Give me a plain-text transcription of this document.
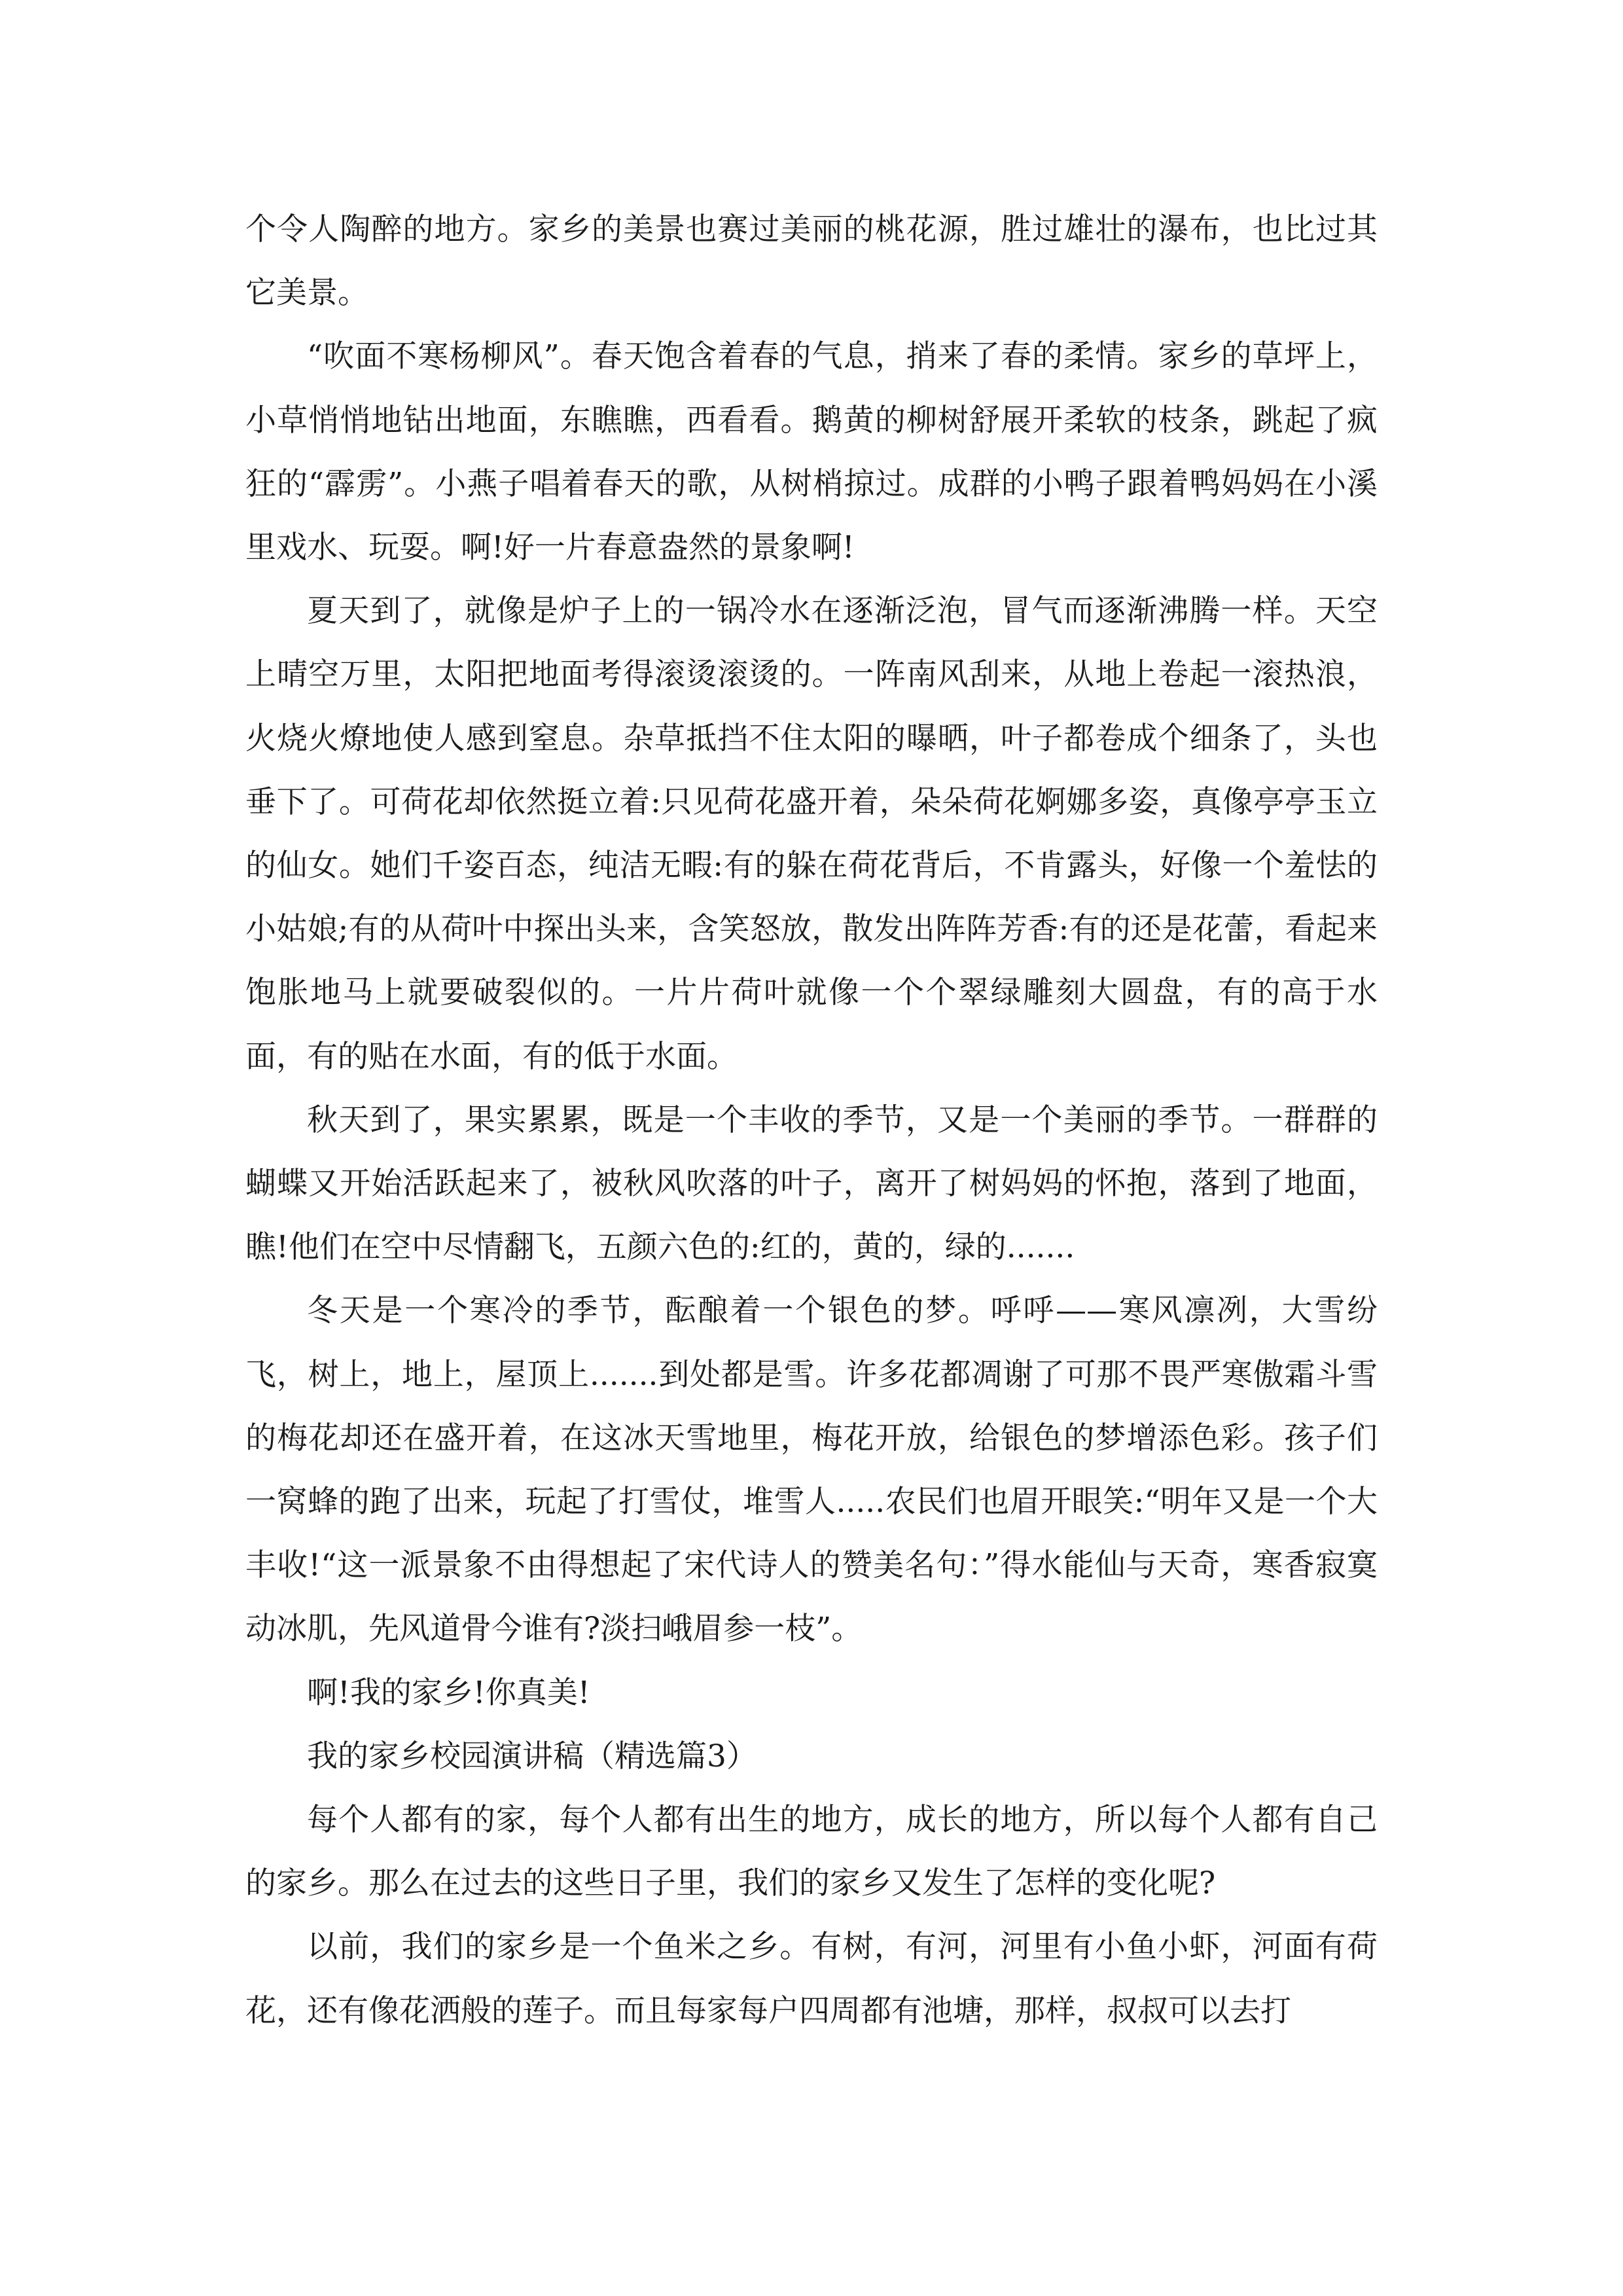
个令人陶醉的地方。家乡的美景也赛过美丽的桃花源，胜过雄壮的瀑布，也比过其它美景。

“吹面不寒杨柳风”。春天饱含着春的气息，捎来了春的柔情。家乡的草坪上，小草悄悄地钻出地面，东瞧瞧，西看看。鹅黄的柳树舒展开柔软的枝条，跳起了疯狂的“霹雳”。小燕子唱着春天的歌，从树梢掠过。成群的小鸭子跟着鸭妈妈在小溪里戏水、玩耍。啊!好一片春意盎然的景象啊!

夏天到了，就像是炉子上的一锅冷水在逐渐泛泡，冒气而逐渐沸腾一样。天空上晴空万里，太阳把地面考得滚烫滚烫的。一阵南风刮来，从地上卷起一滚热浪，火烧火燎地使人感到窒息。杂草抵挡不住太阳的曝晒，叶子都卷成个细条了，头也垂下了。可荷花却依然挺立着:只见荷花盛开着，朵朵荷花婀娜多姿，真像亭亭玉立的仙女。她们千姿百态，纯洁无暇:有的躲在荷花背后，不肯露头，好像一个羞怯的小姑娘;有的从荷叶中探出头来，含笑怒放，散发出阵阵芳香:有的还是花蕾，看起来饱胀地马上就要破裂似的。一片片荷叶就像一个个翠绿雕刻大圆盘，有的高于水面，有的贴在水面，有的低于水面。

秋天到了，果实累累，既是一个丰收的季节，又是一个美丽的季节。一群群的蝴蝶又开始活跃起来了，被秋风吹落的叶子，离开了树妈妈的怀抱，落到了地面，瞧!他们在空中尽情翻飞，五颜六色的:红的，黄的，绿的.......

冬天是一个寒冷的季节，酝酿着一个银色的梦。呼呼——寒风凛冽，大雪纷飞，树上，地上，屋顶上.......到处都是雪。许多花都凋谢了可那不畏严寒傲霜斗雪的梅花却还在盛开着，在这冰天雪地里，梅花开放，给银色的梦增添色彩。孩子们一窝蜂的跑了出来，玩起了打雪仗，堆雪人.....农民们也眉开眼笑:“明年又是一个大丰收!“这一派景象不由得想起了宋代诗人的赞美名句：”得水能仙与天奇，寒香寂寞动冰肌，先风道骨今谁有?淡扫峨眉参一枝”。

啊!我的家乡!你真美!

我的家乡校园演讲稿（精选篇3）

每个人都有的家，每个人都有出生的地方，成长的地方，所以每个人都有自己的家乡。那么在过去的这些日子里，我们的家乡又发生了怎样的变化呢?

以前，我们的家乡是一个鱼米之乡。有树，有河，河里有小鱼小虾，河面有荷花，还有像花洒般的莲子。而且每家每户四周都有池塘，那样，叔叔可以去打
